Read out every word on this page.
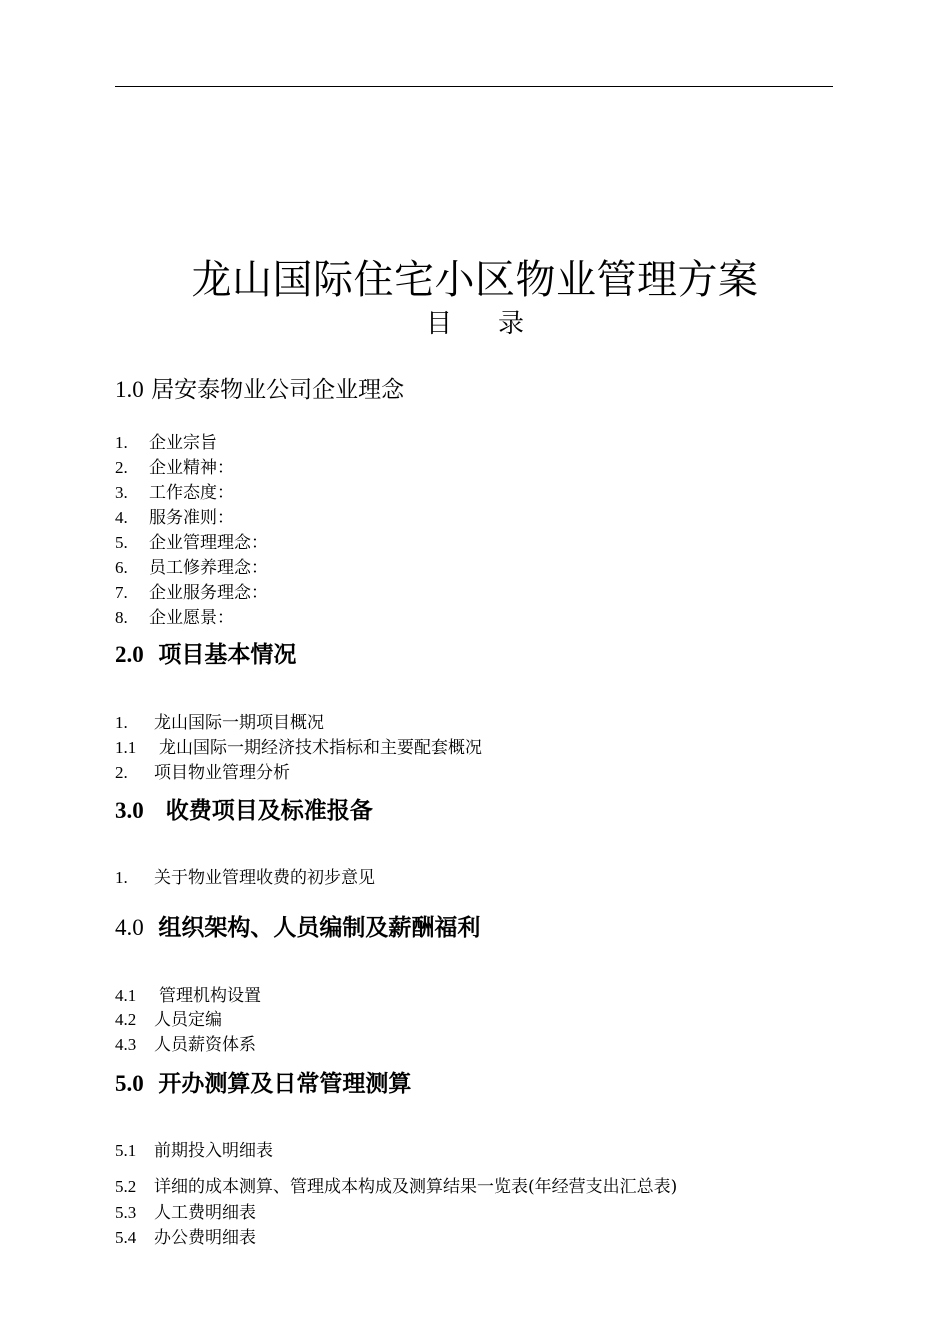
龙山国际住宅小区物业管理方案
目 录
1.0 居安泰物业公司企业理念
1. 企业宗旨
2. 企业精神：
3. 工作态度：
4. 服务准则：
5. 企业管理理念：
6. 员工修养理念：
7. 企业服务理念：
8. 企业愿景：
2.0 项目基本情况
1. 龙山国际一期项目概况
1.1 龙山国际一期经济技术指标和主要配套概况
2. 项目物业管理分析
3.0 收费项目及标准报备
1. 关于物业管理收费的初步意见
4.0 组织架构、人员编制及薪酬福利
4.1 管理机构设置
4.2 人员定编
4.3 人员薪资体系
5.0 开办测算及日常管理测算
5.1 前期投入明细表
5.2 详细的成本测算、管理成本构成及测算结果一览表(年经营支出汇总表)
5.3 人工费明细表
5.4 办公费明细表
